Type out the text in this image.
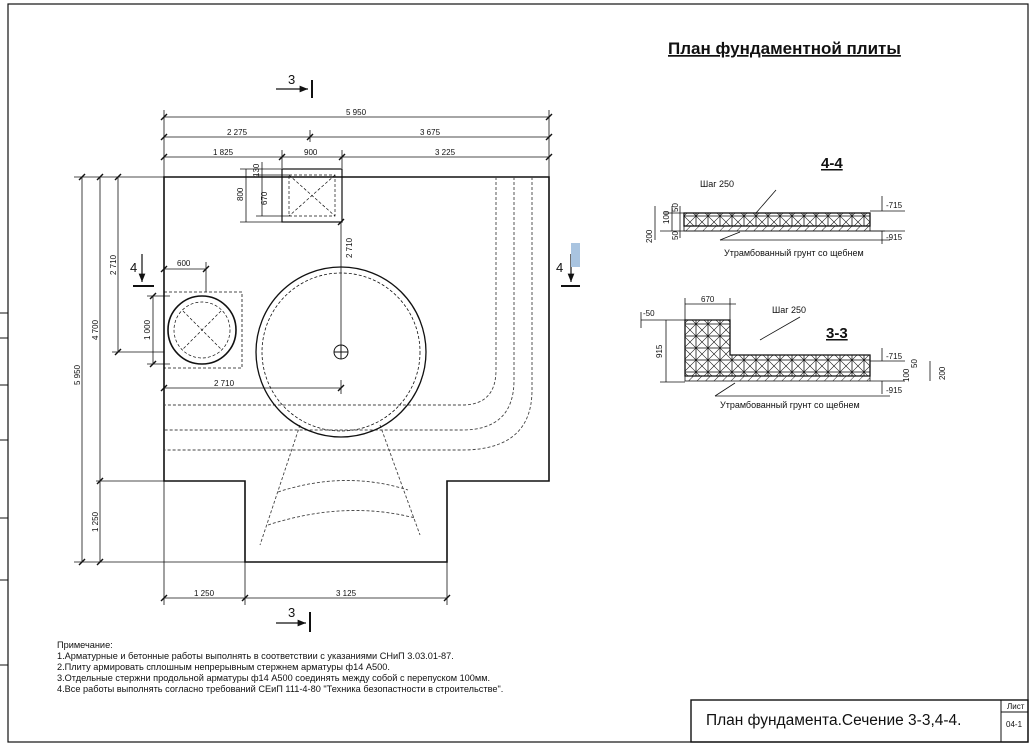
План фундаментной плиты
5 950
2 275	3 675
1 825	900	3 225
5 950
4 700
2 710
1 250
800
130
670
2 710
2 710
600
1 000
1 250	3 125
3
3
4	4
4-4
Шаг 250
Утрамбованный грунт со щебнем
-715
-915
200
100
50
50
3-3
Шаг 250
Утрамбованный грунт со щебнем
-50
670
915	-715
-915
100
50
200
Примечание:
1.Арматурные и бетонные работы выполнять в соответствии с указаниями СНиП 3.03.01-87.
2.Плиту армировать сплошным непрерывным стержнем арматуры ф14 А500.
3.Отдельные стержни продольной арматуры ф14 А500 соединять между собой с перепуском 100мм.
4.Все работы выполнять согласно требований СЕиП 111-4-80 "Техника безопастности в строительстве".
План фундамента.Сечение 3-3,4-4.
Лист
04-1
